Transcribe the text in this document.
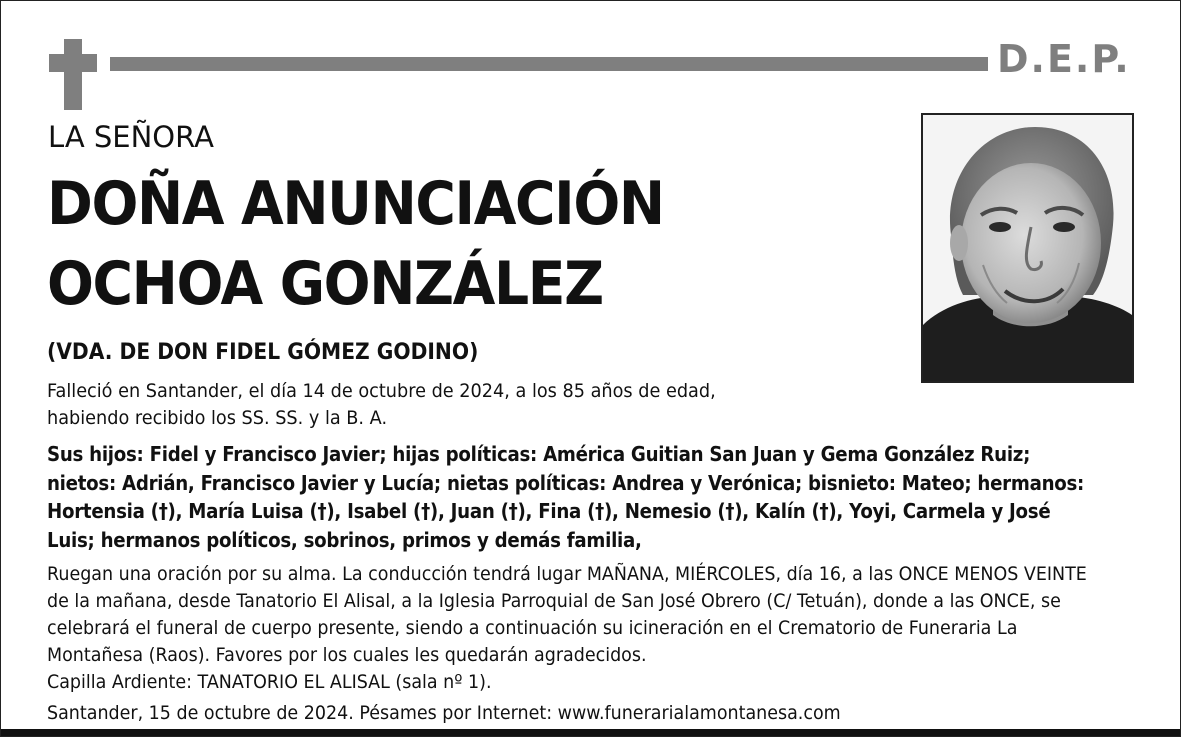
D.E.P.
LA SEÑORA
DOÑA ANUNCIACIÓN
OCHOA GONZÁLEZ
(VDA. DE DON FIDEL GÓMEZ GODINO)
Falleció en Santander, el día 14 de octubre de 2024, a los 85 años de edad,
habiendo recibido los SS. SS. y la B. A.
Sus hijos: Fidel y Francisco Javier; hijas políticas: América Guitian San Juan y Gema González Ruiz; nietos: Adrián, Francisco Javier y Lucía; nietas políticas: Andrea y Verónica; bisnieto: Mateo; hermanos: Hortensia (†), María Luisa (†), Isabel (†), Juan (†), Fina (†), Nemesio (†), Kalín (†), Yoyi, Carmela y José Luis; hermanos políticos, sobrinos, primos y demás familia,
Ruegan una oración por su alma. La conducción tendrá lugar MAÑANA, MIÉRCOLES, día 16, a las ONCE MENOS VEINTE de la mañana, desde Tanatorio El Alisal, a la Iglesia Parroquial de San José Obrero (C/ Tetuán), donde a las ONCE, se celebrará el funeral de cuerpo presente, siendo a continuación su icineración en el Crematorio de Funeraria La Montañesa (Raos). Favores por los cuales les quedarán agradecidos.
Capilla Ardiente: TANATORIO EL ALISAL (sala nº 1).
Santander, 15 de octubre de 2024. Pésames por Internet: www.funerarialamontanesa.com
